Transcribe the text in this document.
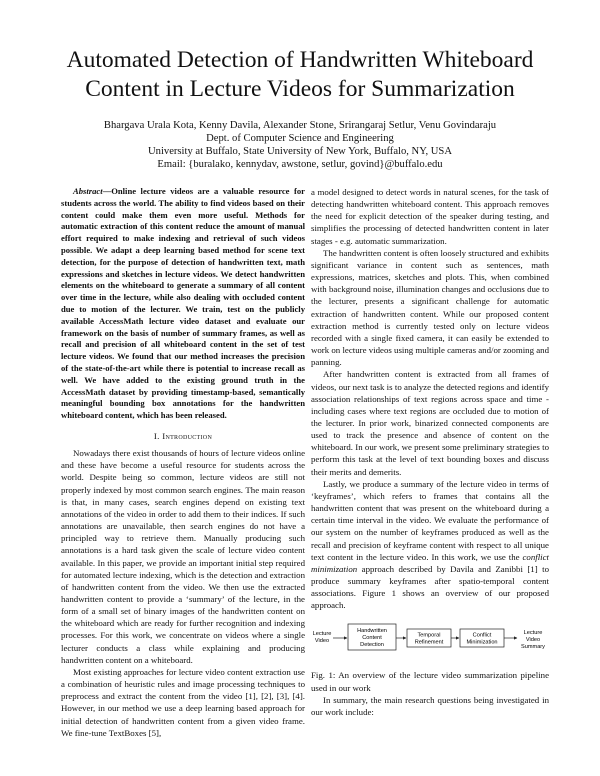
Automated Detection of Handwritten Whiteboard
Content in Lecture Videos for Summarization
Bhargava Urala Kota, Kenny Davila, Alexander Stone, Srirangaraj Setlur, Venu Govindaraju
Dept. of Computer Science and Engineering
University at Buffalo, State University of New York, Buffalo, NY, USA
Email: {buralako, kennydav, awstone, setlur, govind}@buffalo.edu

Abstract—Online lecture videos are a valuable resource for students across the world. The ability to find videos based on their content could make them even more useful. Methods for automatic extraction of this content reduce the amount of manual effort required to make indexing and retrieval of such videos possible. We adapt a deep learning based method for scene text detection, for the purpose of detection of handwritten text, math expressions and sketches in lecture videos. We detect handwritten elements on the whiteboard to generate a summary of all content over time in the lecture, while also dealing with occluded content due to motion of the lecturer. We train, test on the publicly available AccessMath lecture video dataset and evaluate our framework on the basis of number of summary frames, as well as recall and precision of all whiteboard content in the set of test lecture videos. We found that our method increases the precision of the state-of-the-art while there is potential to increase recall as well. We have added to the existing ground truth in the AccessMath dataset by providing timestamp-based, semantically meaningful bounding box annotations for the handwritten whiteboard content, which has been released.

I. Introduction

Nowadays there exist thousands of hours of lecture videos online and these have become a useful resource for students across the world. Despite being so common, lecture videos are still not properly indexed by most common search engines. The main reason is that, in many cases, search engines depend on existing text annotations of the video in order to add them to their indices. If such annotations are unavailable, then search engines do not have a principled way to retrieve them. Manually producing such annotations is a hard task given the scale of lecture video content available. In this paper, we provide an important initial step required for automated lecture indexing, which is the detection and extraction of handwritten content from the video. We then use the extracted handwritten content to provide a ‘summary’ of the lecture, in the form of a small set of binary images of the handwritten content on the whiteboard which are ready for further recognition and indexing processes. For this work, we concentrate on videos where a single lecturer conducts a class while explaining and producing handwritten content on a whiteboard.

Most existing approaches for lecture video content extraction use a combination of heuristic rules and image processing techniques to preprocess and extract the content from the video [1], [2], [3], [4]. However, in our method we use a deep learning based approach for initial detection of handwritten content from a given video frame. We fine-tune TextBoxes [5],

a model designed to detect words in natural scenes, for the task of detecting handwritten whiteboard content. This approach removes the need for explicit detection of the speaker during testing, and simplifies the processing of detected handwritten content in later stages - e.g. automatic summarization.

The handwritten content is often loosely structured and exhibits significant variance in content such as sentences, math expressions, matrices, sketches and plots. This, when combined with background noise, illumination changes and occlusions due to the lecturer, presents a significant challenge for automatic extraction of handwritten content. While our proposed content extraction method is currently tested only on lecture videos recorded with a single fixed camera, it can easily be extended to work on lecture videos using multiple cameras and/or zooming and panning.

After handwritten content is extracted from all frames of videos, our next task is to analyze the detected regions and identify association relationships of text regions across space and time - including cases where text regions are occluded due to motion of the lecturer. In prior work, binarized connected components are used to track the presence and absence of content on the whiteboard. In our work, we present some preliminary strategies to perform this task at the level of text bounding boxes and discuss their merits and demerits.

Lastly, we produce a summary of the lecture video in terms of ‘keyframes’, which refers to frames that contains all the handwritten content that was present on the whiteboard during a certain time interval in the video. We evaluate the performance of our system on the number of keyframes produced as well as the recall and precision of keyframe content with respect to all unique text content in the lecture video. In this work, we use the conflict minimization approach described by Davila and Zanibbi [1] to produce summary keyframes after spatio-temporal content associations. Figure 1 shows an overview of our proposed approach.

Lecture
Video
Handwritten
Content
Detection
Temporal
Refinement
Conflict
Minimization
Lecture
Video
Summary

Fig. 1: An overview of the lecture video summarization pipeline used in our work

In summary, the main research questions being investigated in our work include:
